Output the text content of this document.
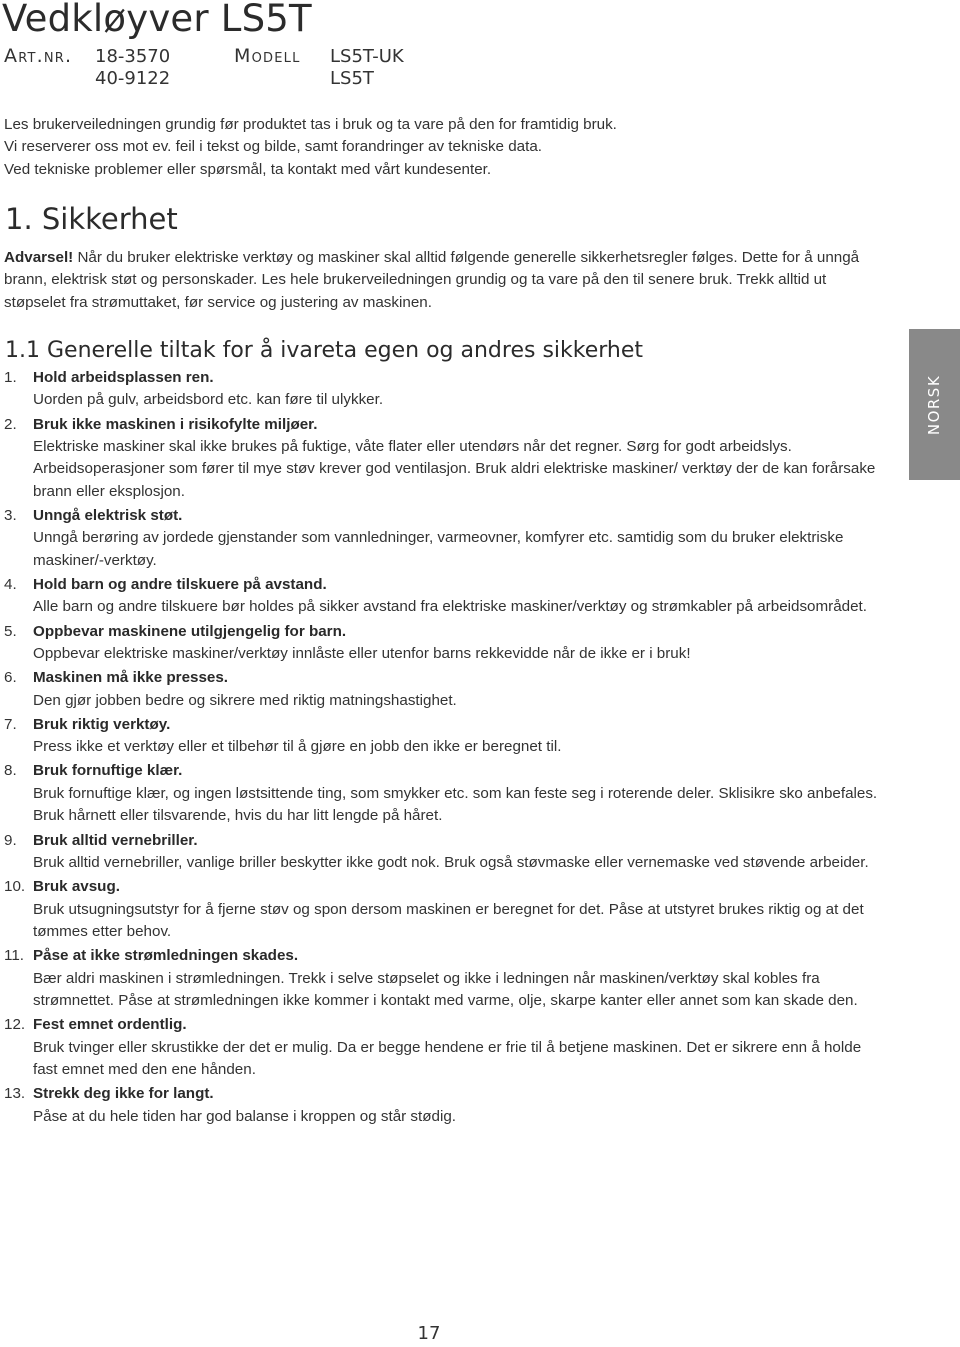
Vedkløyver LS5T
Art.nr. 18-3570
40-9122
Modell LS5T-UK
LS5T

Les brukerveiledningen grundig før produktet tas i bruk og ta vare på den for framtidig bruk.

Vi reserverer oss mot ev. feil i tekst og bilde, samt forandringer av tekniske data.

Ved tekniske problemer eller spørsmål, ta kontakt med vårt kundesenter.

1. Sikkerhet
Advarsel! Når du bruker elektriske verktøy og maskiner skal alltid følgende generelle sikkerhetsregler følges. Dette for å unngå brann, elektrisk støt og personskader. Les hele brukerveiledningen grundig og ta vare på den til senere bruk. Trekk alltid ut støpselet fra strømuttaket, før service og justering av maskinen.
1.1 Generelle tiltak for å ivareta egen og andres sikkerhet
1. Hold arbeidsplassen ren.
Uorden på gulv, arbeidsbord etc. kan føre til ulykker.
2. Bruk ikke maskinen i risikofylte miljøer.
Elektriske maskiner skal ikke brukes på fuktige, våte flater eller utendørs når det regner. Sørg for godt arbeidslys. Arbeidsoperasjoner som fører til mye støv krever god ventilasjon. Bruk aldri elektriske maskiner/ verktøy der de kan forårsake brann eller eksplosjon.
3. Unngå elektrisk støt.
Unngå berøring av jordede gjenstander som vannledninger, varmeovner, komfyrer etc. samtidig som du bruker elektriske maskiner/-verktøy.
4. Hold barn og andre tilskuere på avstand.
Alle barn og andre tilskuere bør holdes på sikker avstand fra elektriske maskiner/verktøy og strømkabler på arbeidsområdet.
5. Oppbevar maskinene utilgjengelig for barn.
Oppbevar elektriske maskiner/verktøy innlåste eller utenfor barns rekkevidde når de ikke er i bruk!
6. Maskinen må ikke presses.
Den gjør jobben bedre og sikrere med riktig matningshastighet.
7. Bruk riktig verktøy.
Press ikke et verktøy eller et tilbehør til å gjøre en jobb den ikke er beregnet til.
8. Bruk fornuftige klær.
Bruk fornuftige klær, og ingen løstsittende ting, som smykker etc. som kan feste seg i roterende deler. Sklisikre sko anbefales. Bruk hårnett eller tilsvarende, hvis du har litt lengde på håret.
9. Bruk alltid vernebriller.
Bruk alltid vernebriller, vanlige briller beskytter ikke godt nok. Bruk også støvmaske eller vernemaske ved støvende arbeider.
10. Bruk avsug.
Bruk utsugningsutstyr for å fjerne støv og spon dersom maskinen er beregnet for det. Påse at utstyret brukes riktig og at det tømmes etter behov.
11. Påse at ikke strømledningen skades.
Bær aldri maskinen i strømledningen. Trekk i selve støpselet og ikke i ledningen når maskinen/verktøy skal kobles fra strømnettet. Påse at strømledningen ikke kommer i kontakt med varme, olje, skarpe kanter eller annet som kan skade den.
12. Fest emnet ordentlig.
Bruk tvinger eller skrustikke der det er mulig. Da er begge hendene er frie til å betjene maskinen. Det er sikrere enn å holde fast emnet med den ene hånden.
13. Strekk deg ikke for langt.
Påse at du hele tiden har god balanse i kroppen og står stødig.
NORSK
17
